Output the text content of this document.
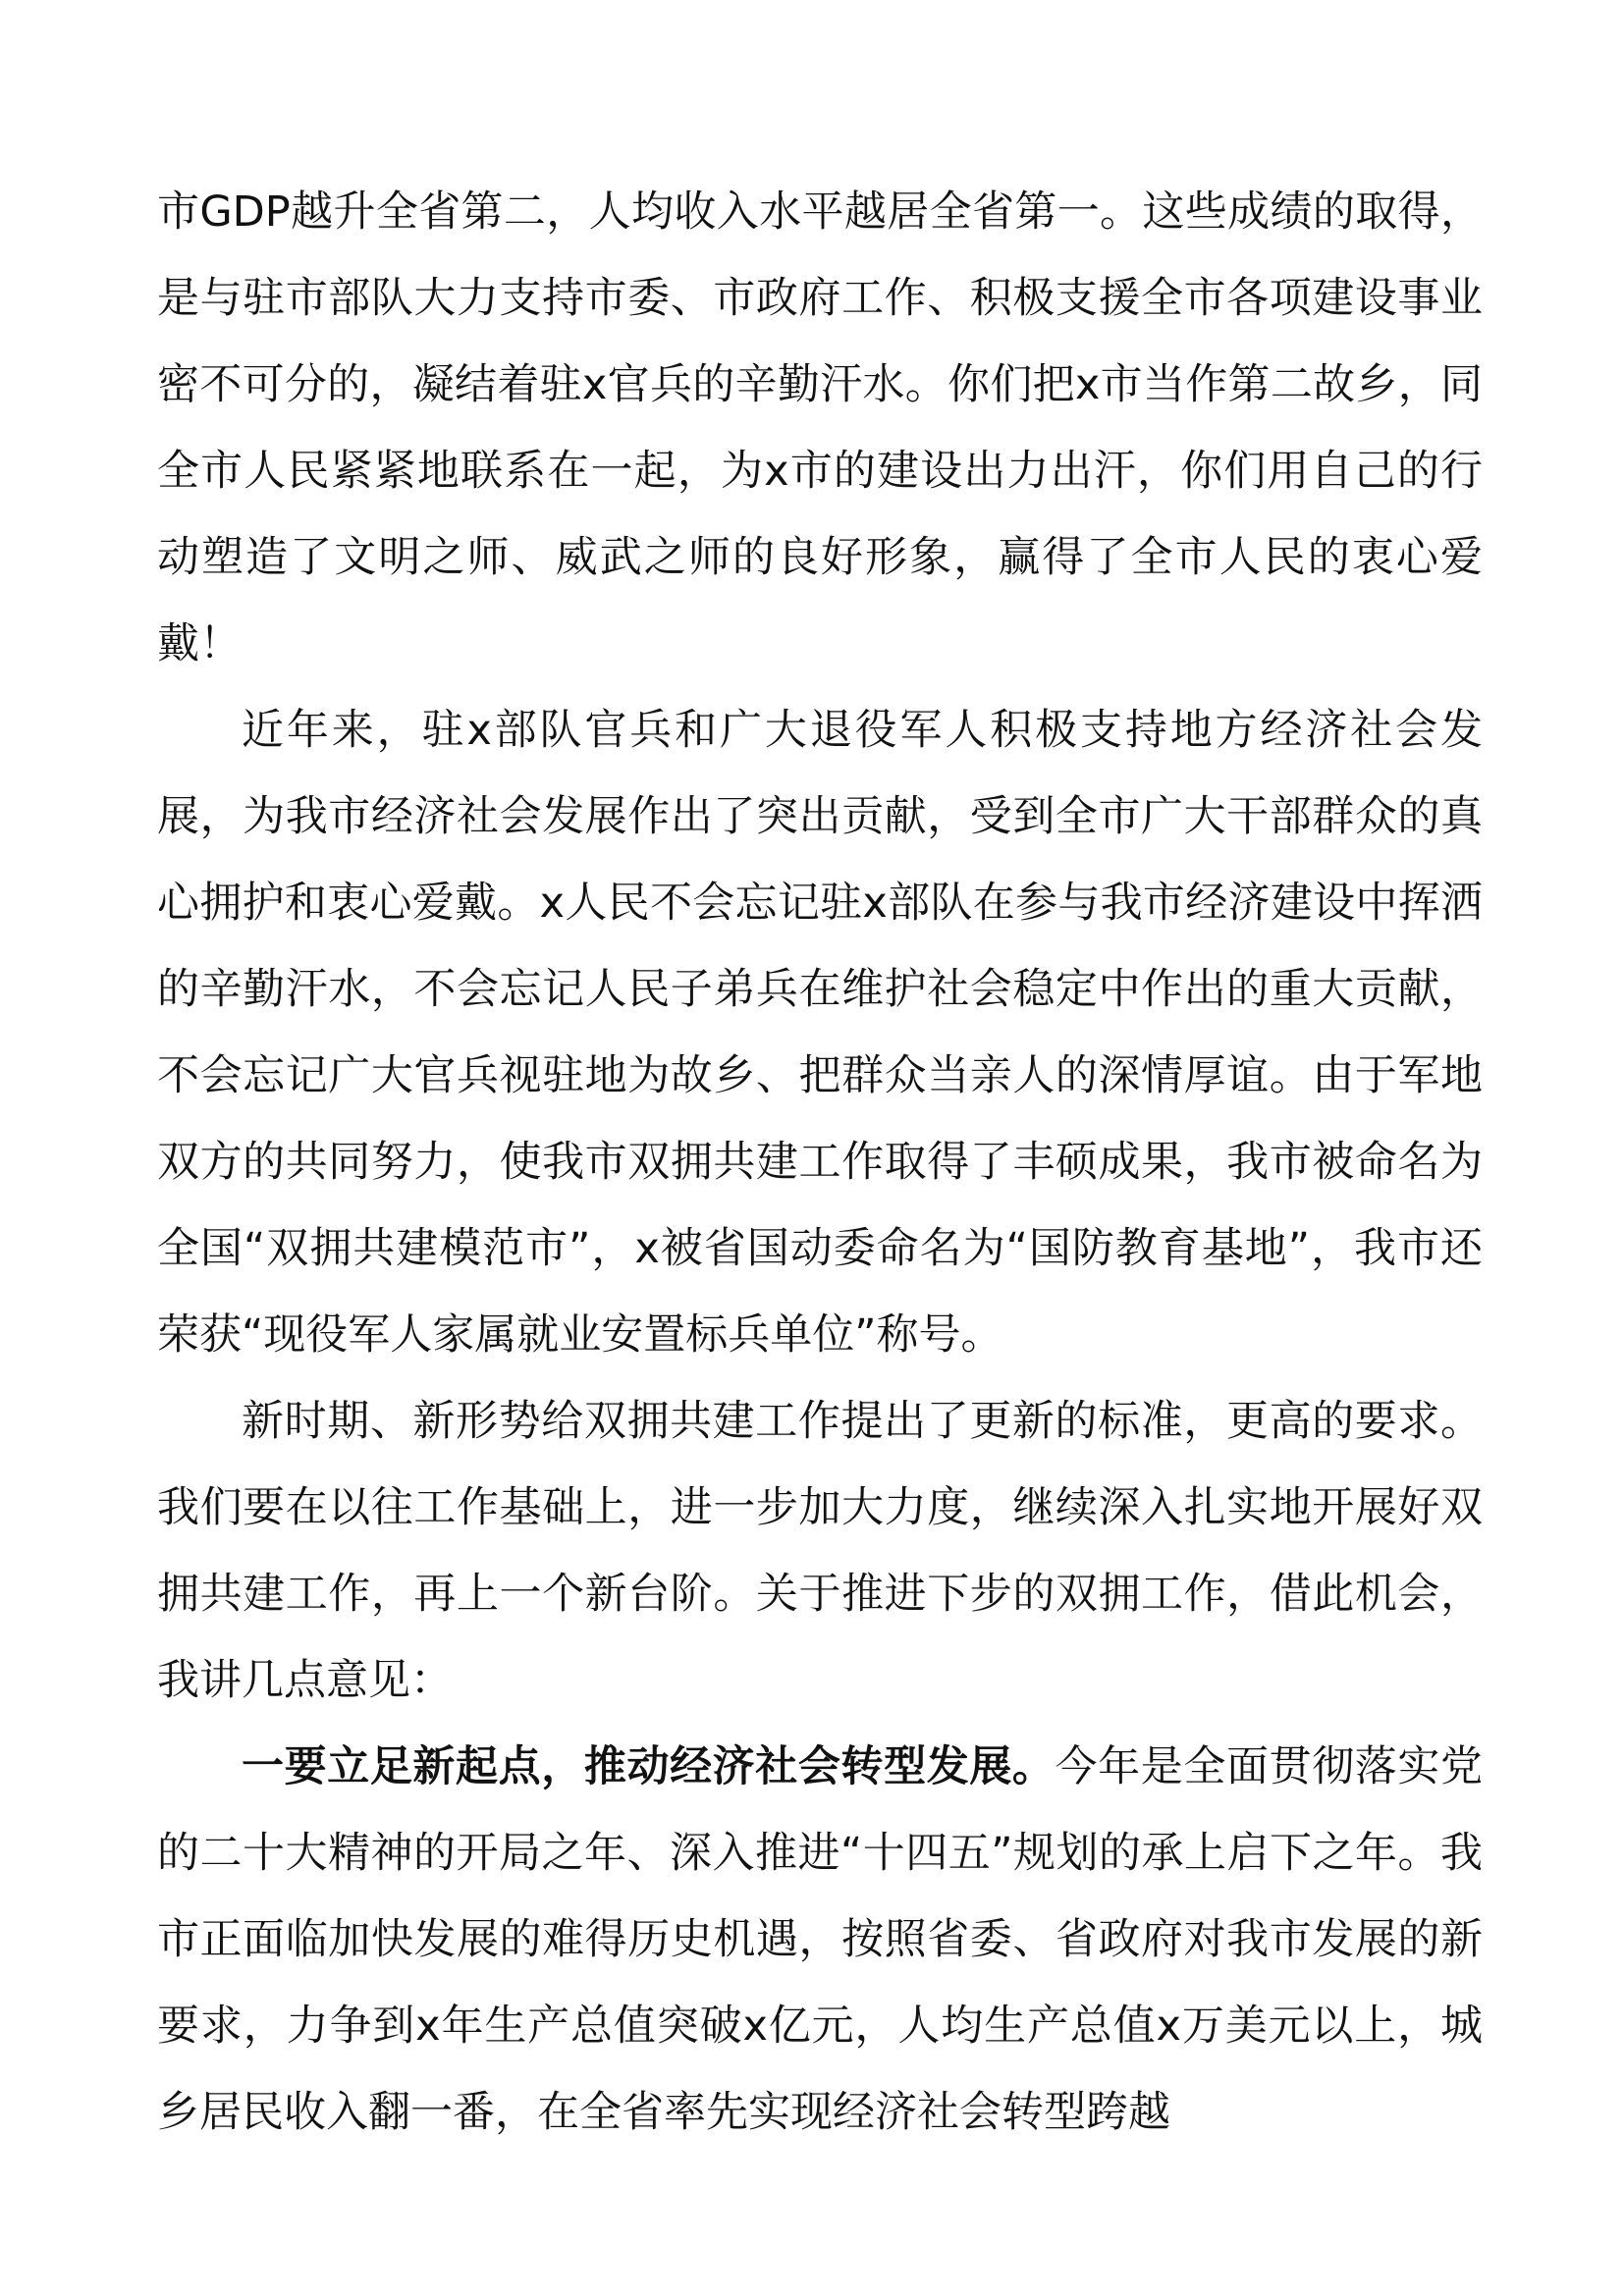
市GDP越升全省第二，人均收入水平越居全省第一。这些成绩的取得，是与驻市部队大力支持市委、市政府工作、积极支援全市各项建设事业密不可分的，凝结着驻x官兵的辛勤汗水。你们把x市当作第二故乡，同全市人民紧紧地联系在一起，为x市的建设出力出汗，你们用自己的行动塑造了文明之师、威武之师的良好形象，赢得了全市人民的衷心爱戴！

近年来，驻x部队官兵和广大退役军人积极支持地方经济社会发展，为我市经济社会发展作出了突出贡献，受到全市广大干部群众的真心拥护和衷心爱戴。x人民不会忘记驻x部队在参与我市经济建设中挥洒的辛勤汗水，不会忘记人民子弟兵在维护社会稳定中作出的重大贡献，不会忘记广大官兵视驻地为故乡、把群众当亲人的深情厚谊。由于军地双方的共同努力，使我市双拥共建工作取得了丰硕成果，我市被命名为全国“双拥共建模范市”，x被省国动委命名为“国防教育基地”，我市还荣获“现役军人家属就业安置标兵单位”称号。

新时期、新形势给双拥共建工作提出了更新的标准，更高的要求。我们要在以往工作基础上，进一步加大力度，继续深入扎实地开展好双拥共建工作，再上一个新台阶。关于推进下步的双拥工作，借此机会，我讲几点意见：

一要立足新起点，推动经济社会转型发展。今年是全面贯彻落实党的二十大精神的开局之年、深入推进“十四五”规划的承上启下之年。我市正面临加快发展的难得历史机遇，按照省委、省政府对我市发展的新要求，力争到x年生产总值突破x亿元，人均生产总值x万美元以上，城乡居民收入翻一番，在全省率先实现经济社会转型跨越
